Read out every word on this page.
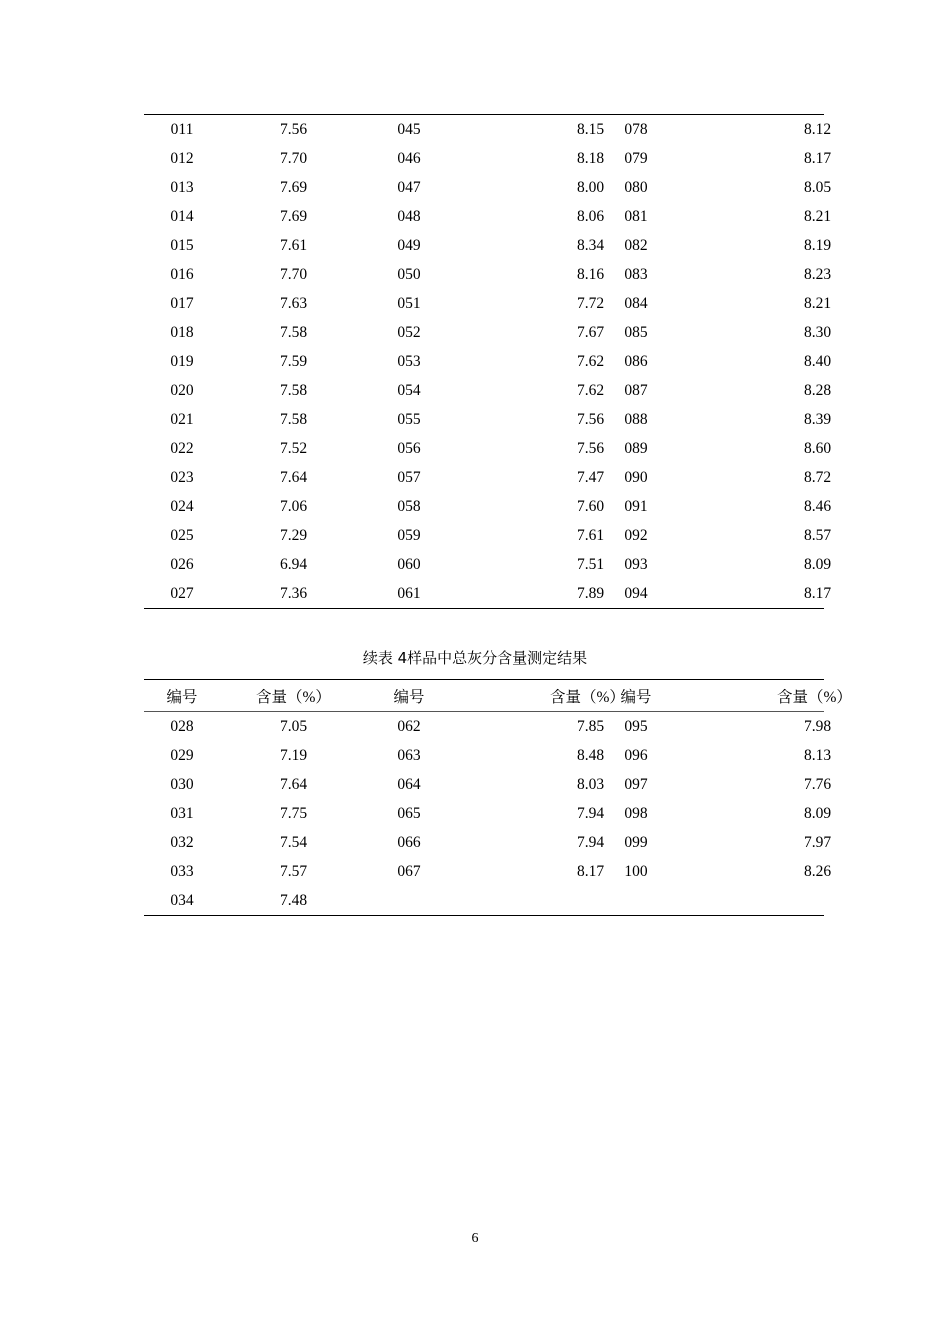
011	7.56	045	8.15	078	8.12
012	7.70	046	8.18	079	8.17
013	7.69	047	8.00	080	8.05
014	7.69	048	8.06	081	8.21
015	7.61	049	8.34	082	8.19
016	7.70	050	8.16	083	8.23
017	7.63	051	7.72	084	8.21
018	7.58	052	7.67	085	8.30
019	7.59	053	7.62	086	8.40
020	7.58	054	7.62	087	8.28
021	7.58	055	7.56	088	8.39
022	7.52	056	7.56	089	8.60
023	7.64	057	7.47	090	8.72
024	7.06	058	7.60	091	8.46
025	7.29	059	7.61	092	8.57
026	6.94	060	7.51	093	8.09
027	7.36	061	7.89	094	8.17
续表 4样品中总灰分含量测定结果
编号	含量（%）	编号	含量（%）	编号	含量（%）
028	7.05	062	7.85	095	7.98
029	7.19	063	8.48	096	8.13
030	7.64	064	8.03	097	7.76
031	7.75	065	7.94	098	8.09
032	7.54	066	7.94	099	7.97
033	7.57	067	8.17	100	8.26
034	7.48				
6
